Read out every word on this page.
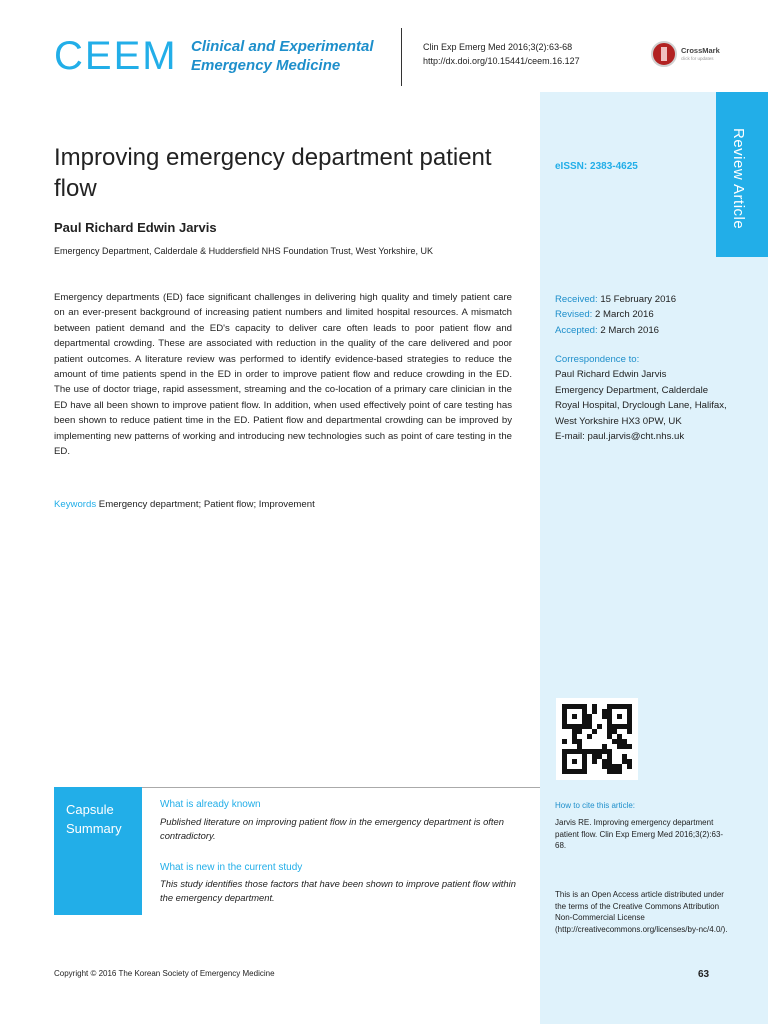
Review Article
CEEM Clinical and Experimental
Emergency Medicine
Clin Exp Emerg Med 2016;3(2):63-68
http://dx.doi.org/10.15441/ceem.16.127
CrossMark
click for updates
Improving emergency department patient flow
Paul Richard Edwin Jarvis
Emergency Department, Calderdale & Huddersfield NHS Foundation Trust, West Yorkshire, UK
eISSN: 2383-4625

Emergency departments (ED) face significant challenges in delivering high quality and timely patient care on an ever-present background of increasing patient numbers and limited hospital resources. A mismatch between patient demand and the ED's capacity to deliver care often leads to poor patient flow and departmental crowding. These are associated with reduction in the quality of the care delivered and poor patient outcomes. A literature review was performed to identify evidence-based strategies to reduce the amount of time patients spend in the ED in order to improve patient flow and reduce crowding in the ED. The use of doctor triage, rapid assessment, streaming and the co-location of a primary care clinician in the ED have all been shown to improve patient flow. In addition, when used effectively point of care testing has been shown to reduce patient time in the ED. Patient flow and departmental crowding can be improved by implementing new patterns of working and introducing new technologies such as point of care testing in the ED.

Keywords Emergency department; Patient flow; Improvement
Received: 15 February 2016
Revised: 2 March 2016
Accepted: 2 March 2016
Correspondence to:
Paul Richard Edwin Jarvis
Emergency Department, Calderdale
Royal Hospital, Dryclough Lane, Halifax,
West Yorkshire HX3 0PW, UK
E-mail: paul.jarvis@cht.nhs.uk
How to cite this article:
Jarvis RE. Improving emergency department patient flow. Clin Exp Emerg Med 2016;3(2):63-68.
This is an Open Access article distributed under the terms of the Creative Commons Attribution Non-Commercial License (http://creativecommons.org/licenses/by-nc/4.0/).
Capsule
Summary
What is already known
Published literature on improving patient flow in the emergency department is often contradictory.
What is new in the current study
This study identifies those factors that have been shown to improve patient flow within the emergency department.
Copyright © 2016 The Korean Society of Emergency Medicine	63
